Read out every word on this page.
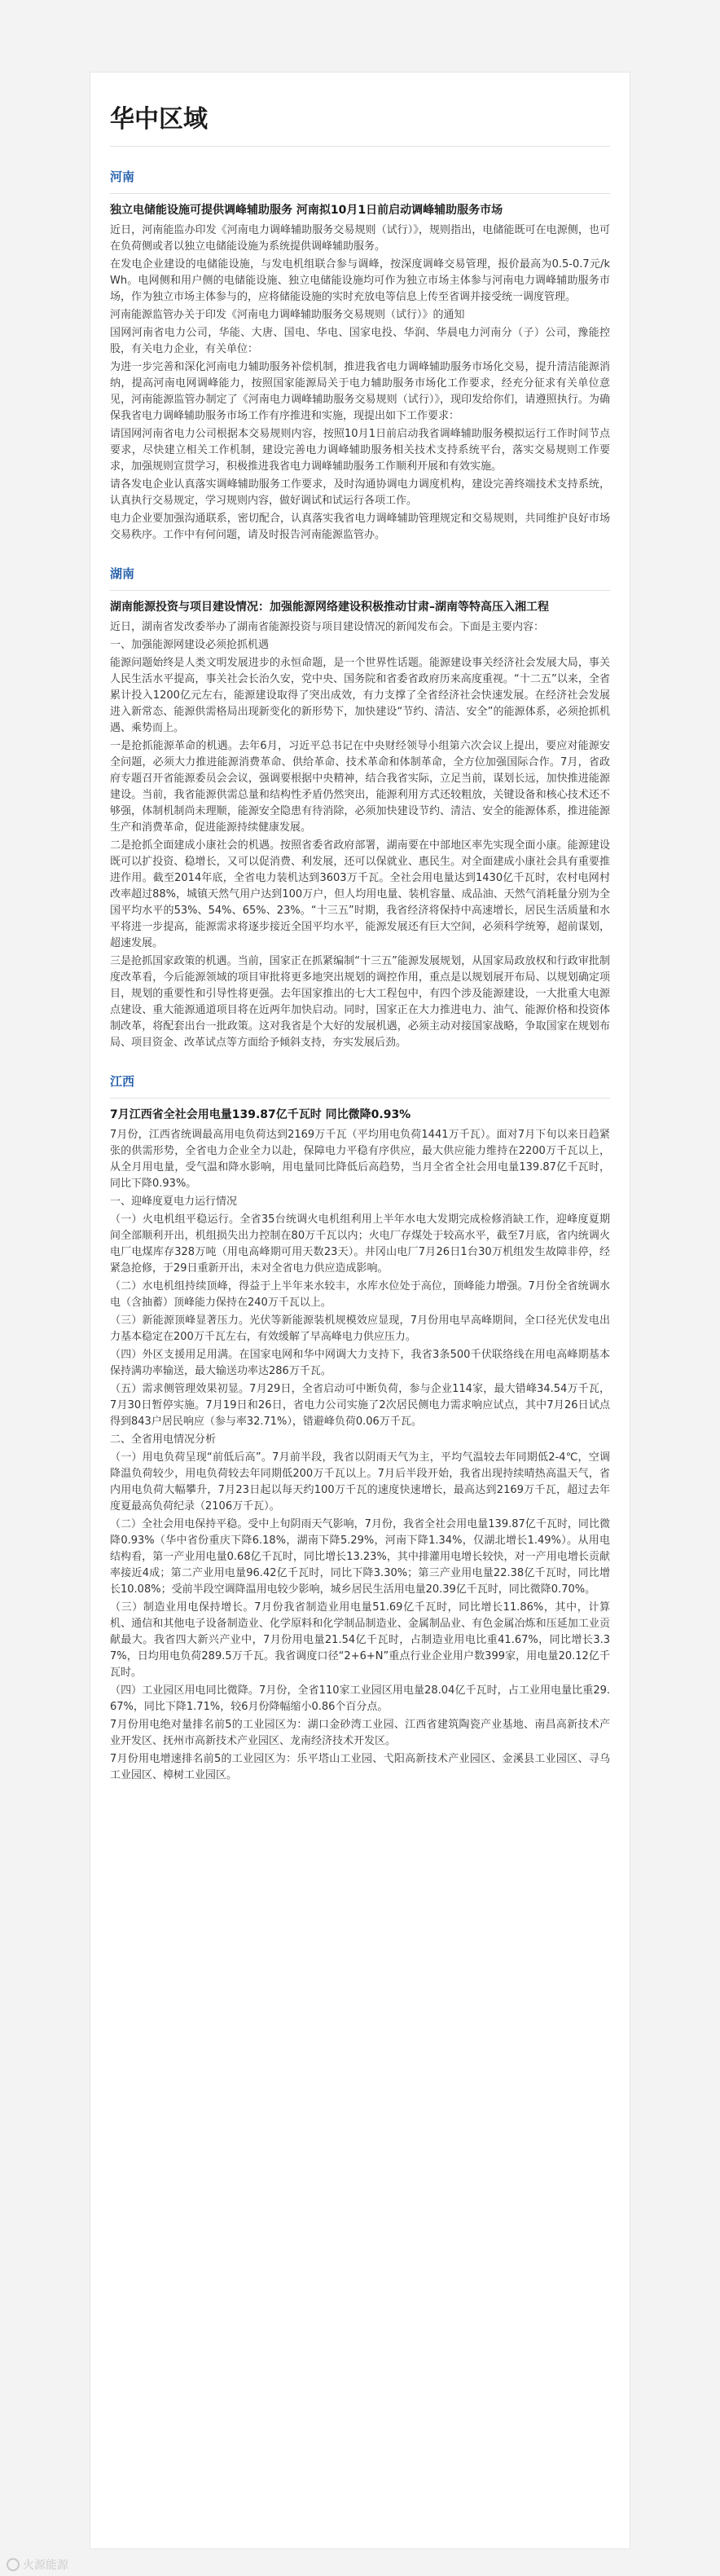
华中区域
河南
独立电储能设施可提供调峰辅助服务 河南拟10月1日前启动调峰辅助服务市场

近日，河南能监办印发《河南电力调峰辅助服务交易规则（试行）》，规则指出，电储能既可在电源侧，也可在负荷侧或者以独立电储能设施为系统提供调峰辅助服务。

在发电企业建设的电储能设施，与发电机组联合参与调峰，按深度调峰交易管理，报价最高为0.5-0.7元/kWh。电网侧和用户侧的电储能设施、独立电储能设施均可作为独立市场主体参与河南电力调峰辅助服务市场，作为独立市场主体参与的，应将储能设施的实时充放电等信息上传至省调并接受统一调度管理。

河南能源监管办关于印发《河南电力调峰辅助服务交易规则（试行）》的通知

国网河南省电力公司，华能、大唐、国电、华电、国家电投、华润、华晨电力河南分（子）公司，豫能控股，有关电力企业，有关单位：

为进一步完善和深化河南电力辅助服务补偿机制，推进我省电力调峰辅助服务市场化交易，提升清洁能源消纳，提高河南电网调峰能力，按照国家能源局关于电力辅助服务市场化工作要求，经充分征求有关单位意见，河南能源监管办制定了《河南电力调峰辅助服务交易规则（试行）》，现印发给你们，请遵照执行。为确保我省电力调峰辅助服务市场工作有序推进和实施，现提出如下工作要求：

请国网河南省电力公司根据本交易规则内容，按照10月1日前启动我省调峰辅助服务模拟运行工作时间节点要求，尽快建立相关工作机制，建设完善电力调峰辅助服务相关技术支持系统平台，落实交易规则工作要求，加强规则宣贯学习，积极推进我省电力调峰辅助服务工作顺利开展和有效实施。

请各发电企业认真落实调峰辅助服务工作要求，及时沟通协调电力调度机构，建设完善终端技术支持系统，认真执行交易规定，学习规则内容，做好调试和试运行各项工作。

电力企业要加强沟通联系，密切配合，认真落实我省电力调峰辅助管理规定和交易规则，共同维护良好市场交易秩序。工作中有何问题，请及时报告河南能源监管办。

湖南
湖南能源投资与项目建设情况：加强能源网络建设积极推动甘肃–湖南等特高压入湘工程

近日，湖南省发改委举办了湖南省能源投资与项目建设情况的新闻发布会。下面是主要内容：

一、加强能源网建设必须抢抓机遇

能源问题始终是人类文明发展进步的永恒命题，是一个世界性话题。能源建设事关经济社会发展大局，事关人民生活水平提高，事关社会长治久安，党中央、国务院和省委省政府历来高度重视。“十二五”以来，全省累计投入1200亿元左右，能源建设取得了突出成效，有力支撑了全省经济社会快速发展。在经济社会发展进入新常态、能源供需格局出现新变化的新形势下，加快建设“节约、清洁、安全”的能源体系，必须抢抓机遇、乘势而上。

一是抢抓能源革命的机遇。去年6月，习近平总书记在中央财经领导小组第六次会议上提出，要应对能源安全问题，必须大力推进能源消费革命、供给革命、技术革命和体制革命，全方位加强国际合作。7月，省政府专题召开省能源委员会会议，强调要根据中央精神，结合我省实际，立足当前，谋划长远，加快推进能源建设。当前，我省能源供需总量和结构性矛盾仍然突出，能源利用方式还较粗放，关键设备和核心技术还不够强，体制机制尚未理顺，能源安全隐患有待消除，必须加快建设节约、清洁、安全的能源体系，推进能源生产和消费革命，促进能源持续健康发展。

二是抢抓全面建成小康社会的机遇。按照省委省政府部署，湖南要在中部地区率先实现全面小康。能源建设既可以扩投资、稳增长，又可以促消费、利发展，还可以保就业、惠民生。对全面建成小康社会具有重要推进作用。截至2014年底，全省电力装机达到3603万千瓦。全社会用电量达到1430亿千瓦时，农村电网村改率超过88%，城镇天然气用户达到100万户，但人均用电量、装机容量、成品油、天然气消耗量分别为全国平均水平的53%、54%、65%、23%。“十三五”时期，我省经济将保持中高速增长，居民生活质量和水平将进一步提高，能源需求将逐步接近全国平均水平，能源发展还有巨大空间，必须科学统筹，超前谋划，超速发展。

三是抢抓国家政策的机遇。当前，国家正在抓紧编制“十三五”能源发展规划，从国家局政放权和行政审批制度改革看，今后能源领域的项目审批将更多地突出规划的调控作用，重点是以规划展开布局、以规划确定项目，规划的重要性和引导性将更强。去年国家推出的七大工程包中，有四个涉及能源建设，一大批重大电源点建设、重大能源通道项目将在近两年加快启动。同时，国家正在大力推进电力、油气、能源价格和投资体制改革，将配套出台一批政策。这对我省是个大好的发展机遇，必须主动对接国家战略，争取国家在规划布局、项目资金、改革试点等方面给予倾斜支持，夯实发展后劲。

江西
7月江西省全社会用电量139.87亿千瓦时 同比微降0.93%

7月份，江西省统调最高用电负荷达到2169万千瓦（平均用电负荷1441万千瓦）。面对7月下旬以来日趋紧张的供需形势，全省电力企业全力以赴，保障电力平稳有序供应，最大供应能力维持在2200万千瓦以上，从全月用电量，受气温和降水影响，用电量同比降低后高趋势，当月全省全社会用电量139.87亿千瓦时，同比下降0.93%。

一、迎峰度夏电力运行情况

（一）火电机组平稳运行。全省35台统调火电机组利用上半年水电大发期完成检修消缺工作，迎峰度夏期间全部顺利开出，机组损失出力控制在80万千瓦以内；火电厂存煤处于较高水平，截至7月底，省内统调火电厂电煤库存328万吨（用电高峰期可用天数23天）。井冈山电厂7月26日1台30万机组发生故障非停，经紧急抢修，于29日重新开出，未对全省电力供应造成影响。

（二）水电机组持续顶峰，得益于上半年来水较丰，水库水位处于高位，顶峰能力增强。7月份全省统调水电（含抽蓄）顶峰能力保持在240万千瓦以上。

（三）新能源顶峰显著压力。光伏等新能源装机规模效应显现，7月份用电早高峰期间，全口径光伏发电出力基本稳定在200万千瓦左右，有效缓解了早高峰电力供应压力。

（四）外区支援用足用满。在国家电网和华中网调大力支持下，我省3条500千伏联络线在用电高峰期基本保持满功率输送，最大输送功率达286万千瓦。

（五）需求侧管理效果初显。7月29日，全省启动可中断负荷，参与企业114家，最大错峰34.54万千瓦，7月30日暂停实施。7月19日和26日，省电力公司实施了2次居民侧电力需求响应试点，其中7月26日试点得到843户居民响应（参与率32.71%），错避峰负荷0.06万千瓦。

二、全省用电情况分析

（一）用电负荷呈现“前低后高”。7月前半段，我省以阴雨天气为主，平均气温较去年同期低2-4℃，空调降温负荷较少，用电负荷较去年同期低200万千瓦以上。7月后半段开始，我省出现持续晴热高温天气，省内用电负荷大幅攀升，7月23日起以每天约100万千瓦的速度快速增长，最高达到2169万千瓦，超过去年度夏最高负荷纪录（2106万千瓦）。

（二）全社会用电保持平稳。受中上旬阴雨天气影响，7月份，我省全社会用电量139.87亿千瓦时，同比微降0.93%（华中省份重庆下降6.18%，湖南下降5.29%，河南下降1.34%，仅湖北增长1.49%）。从用电结构看，第一产业用电量0.68亿千瓦时，同比增长13.23%，其中排灌用电增长较快，对一产用电增长贡献率接近4成；第二产业用电量96.42亿千瓦时，同比下降3.30%；第三产业用电量22.38亿千瓦时，同比增长10.08%；受前半段空调降温用电较少影响，城乡居民生活用电量20.39亿千瓦时，同比微降0.70%。

（三）制造业用电保持增长。7月份我省制造业用电量51.69亿千瓦时，同比增长11.86%，其中，计算机、通信和其他电子设备制造业、化学原料和化学制品制造业、金属制品业、有色金属冶炼和压延加工业贡献最大。我省四大新兴产业中，7月份用电量21.54亿千瓦时，占制造业用电比重41.67%，同比增长3.37%，日均用电负荷289.5万千瓦。我省调度口径“2+6+N”重点行业企业用户数399家，用电量20.12亿千瓦时。

（四）工业园区用电同比微降。7月份，全省110家工业园区用电量28.04亿千瓦时，占工业用电量比重29.67%，同比下降1.71%，较6月份降幅缩小0.86个百分点。

7月份用电绝对量排名前5的工业园区为：湖口金砂湾工业园、江西省建筑陶瓷产业基地、南昌高新技术产业开发区、抚州市高新技术产业园区、龙南经济技术开发区。

7月份用电增速排名前5的工业园区为：乐平塔山工业园、弋阳高新技术产业园区、金溪县工业园区、寻乌工业园区、樟树工业园区。

火源能源
